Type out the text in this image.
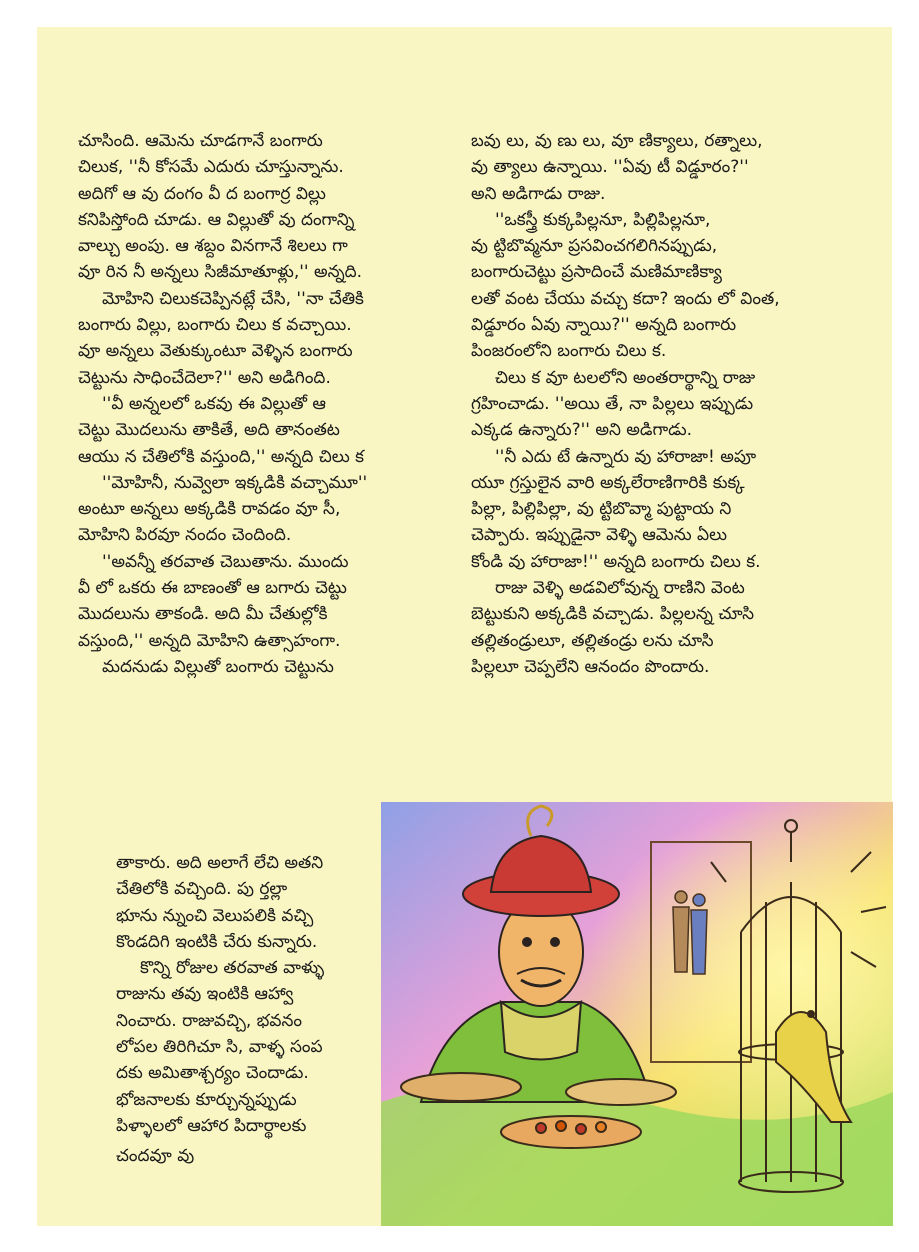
చూసింది. ఆమెను చూడగానే బంగారు

చిలుక, ''నీ కోసమే ఎదురు చూస్తున్నాను.

అదిగో ఆ వు దంగం వీ ద బంగార్ర విల్లు

కనిపిస్తోంది చూడు. ఆ విల్లుతో వు దంగాన్ని

వాల్చు అంపు. ఆ శబ్దం వినగానే శిలలు గా

వూ రిన నీ అన్నలు సిజీమాతూళ్లు,'' అన్నది.

మోహిని చిలుకచెప్పినట్లే చేసి, ''నా చేతికి

బంగారు విల్లు, బంగారు చిలు క వచ్చాయి.

వూ అన్నలు వెతుక్కుంటూ వెళ్ళిన బంగారు

చెట్టును సాధించేదెలా?'' అని అడిగింది.

''వీ అన్నలలో ఒకవు ఈ విల్లుతో ఆ

చెట్టు మొదలును తాకితే, అది తానంతట

ఆయు న చేతిలోకి వస్తుంది,'' అన్నది చిలు క

''మోహినీ, నువ్వెలా ఇక్కడికి వచ్చామూ''

అంటూ అన్నలు అక్కడికి రావడం వూ సీ,

మోహిని పిరవూ నందం చెందింది.

''అవన్నీ తరవాత చెబుతాను. ముందు

వీ లో ఒకరు ఈ బాణంతో ఆ బగారు చెట్టు

మొదలును తాకండి. అది మీ చేతుల్లోకి

వస్తుంది,'' అన్నది మోహిని ఉత్సాహంగా.

మదనుడు విల్లుతో బంగారు చెట్టును

బవు లు, వు ణు లు, వూ ణిక్యాలు, రత్నాలు,

వు త్యాలు ఉన్నాయి. ''ఏవు టీ విడ్డూరం?''

అని అడిగాడు రాజు.

''ఒకస్త్రీ కుక్కపిల్లనూ, పిల్లిపిల్లనూ,

వు ట్టిబొవ్మనూ ప్రసవించగలిగినప్పుడు,

బంగారుచెట్టు ప్రసాదించే మణిమాణిక్యా

లతో వంట చేయు వచ్చు కదా? ఇందు లో వింత,

విడ్డూరం ఏవు న్నాయి?'' అన్నది బంగారు

పింజరంలోని బంగారు చిలు క.

చిలు క వూ టలలోని అంతరార్థాన్ని రాజు

గ్రహించాడు. ''అయి తే, నా పిల్లలు ఇప్పుడు

ఎక్కడ ఉన్నారు?'' అని అడిగాడు.

''నీ ఎదు టే ఉన్నారు వు హారాజా! అపూ

యూ గ్రస్తులైన వారి అక్కలేరాణిగారికి కుక్క

పిల్లా, పిల్లిపిల్లా, వు ట్టిబొవ్మా పుట్టాయ ని

చెప్పారు. ఇప్పుడైనా వెళ్ళి ఆమెను ఏలు

కోండి వు హారాజా!'' అన్నది బంగారు చిలు క.

రాజు వెళ్ళి అడవిలోవున్న రాణిని వెంట

బెట్టుకుని అక్కడికి వచ్చాడు. పిల్లలన్న చూసి

తల్లితండ్రులూ, తల్లితండ్రు లను చూసి

పిల్లలూ చెప్పలేని ఆనందం పొందారు.

తాకారు. అది అలాగే లేచి అతని

చేతిలోకి వచ్చింది. పు ర్తల్లా

భూను న్నుంచి వెలుపలికి వచ్చి

కొండదిగి ఇంటికి చేరు కున్నారు.

కొన్ని రోజుల తరవాత వాళ్ళు

రాజును తవు ఇంటికి ఆహ్వా

నించారు. రాజువచ్చి, భవనం

లోపల తిరిగిచూ సి, వాళ్ళ సంప

దకు అమితాశ్చర్యం చెందాడు.

భోజనాలకు కూర్చున్నప్పుడు

పిళ్ళాలలో ఆహార పిదార్థాలకు

చందవూ వు
